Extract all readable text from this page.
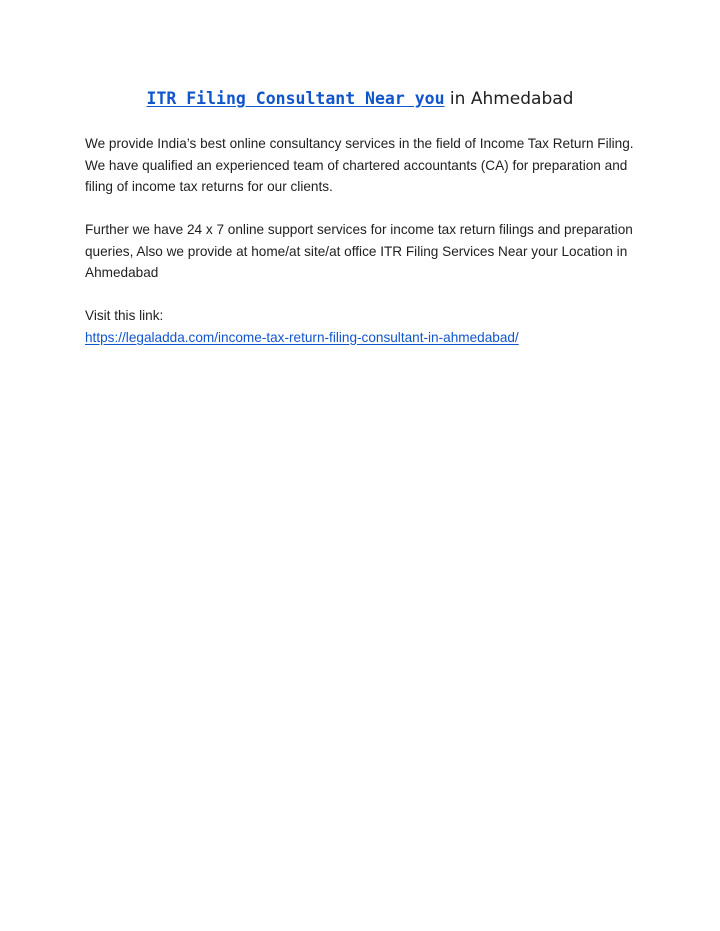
ITR Filing Consultant Near you in Ahmedabad

We provide India’s best online consultancy services in the field of Income Tax Return Filing. We have qualified an experienced team of chartered accountants (CA) for preparation and filing of income tax returns for our clients.

Further we have 24 x 7 online support services for income tax return filings and preparation queries, Also we provide at home/at site/at office ITR Filing Services Near your Location in Ahmedabad

Visit this link:

https://legaladda.com/income-tax-return-filing-consultant-in-ahmedabad/
